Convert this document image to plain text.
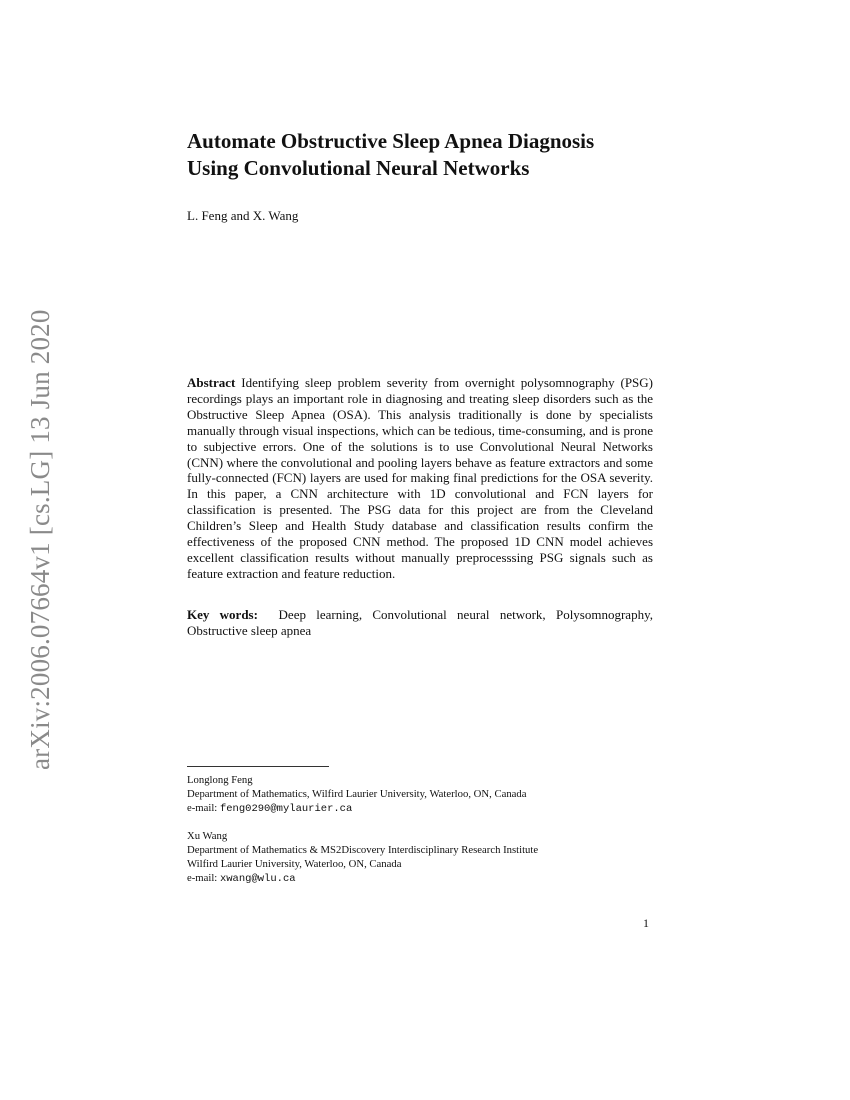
arXiv:2006.07664v1 [cs.LG] 13 Jun 2020
Automate Obstructive Sleep Apnea Diagnosis
Using Convolutional Neural Networks

L. Feng and X. Wang

Abstract Identifying sleep problem severity from overnight polysomnography (PSG) recordings plays an important role in diagnosing and treating sleep disorders such as the Obstructive Sleep Apnea (OSA). This analysis traditionally is done by specialists manually through visual inspections, which can be tedious, time-consuming, and is prone to subjective errors. One of the solutions is to use Convolutional Neural Networks (CNN) where the convolutional and pooling layers behave as feature extractors and some fully-connected (FCN) layers are used for making final predictions for the OSA severity. In this paper, a CNN architecture with 1D convolutional and FCN layers for classification is presented. The PSG data for this project are from the Cleveland Children’s Sleep and Health Study database and classification results confirm the effectiveness of the proposed CNN method. The proposed 1D CNN model achieves excellent classification results without manually preprocesssing PSG signals such as feature extraction and feature reduction.

Key words: Deep learning, Convolutional neural network, Polysomnography, Obstructive sleep apnea

Longlong Feng
Department of Mathematics, Wilfird Laurier University, Waterloo, ON, Canada
e-mail: feng0290@mylaurier.ca
Xu Wang
Department of Mathematics & MS2Discovery Interdisciplinary Research Institute
Wilfird Laurier University, Waterloo, ON, Canada
e-mail: xwang@wlu.ca
1
